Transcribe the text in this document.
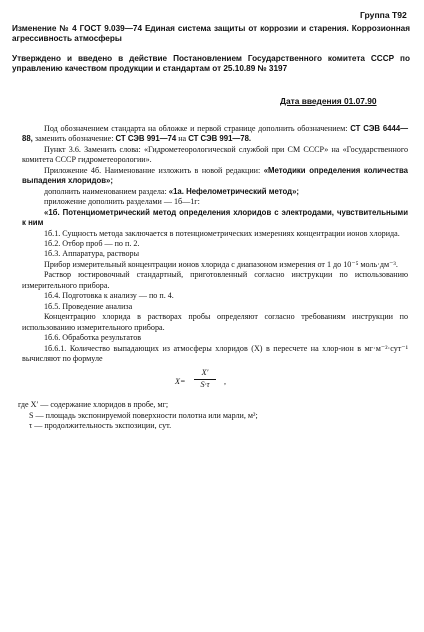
Группа Т92
Изменение № 4 ГОСТ 9.039—74 Единая система защиты от коррозии и старения. Коррозионная агрессивность атмосферы
Утверждено и введено в действие Постановлением Государственного комитета СССР по управлению качеством продукции и стандартам от 25.10.89 № 3197
Дата введения 01.07.90

Под обозначением стандарта на обложке и первой странице дополнить обозначением: СТ СЭВ 6444—88, заменить обозначение: СТ СЭВ 991—74 на СТ СЭВ 991—78.

Пункт 3.6. Заменить слова: «Гидрометеорологической службой при СМ СССР» на «Государственного комитета СССР гидрометеорологии».

Приложение 4б. Наименование изложить в новой редакции: «Методики определения количества выпадения хлоридов»;

дополнить наименованием раздела: «1а. Нефелометрический метод»;

приложение дополнить разделами — 1б—1г:

«1б. Потенциометрический метод определения хлоридов с электродами, чувствительными к ним

1б.1. Сущность метода заключается в потенциометрических измерениях концентрации ионов хлорида.

1б.2. Отбор проб — по п. 2.

1б.3. Аппаратура, растворы

Прибор измерительный концентрации ионов хлорида с диапазоном измерения от 1 до 10⁻⁵ моль·дм⁻³.

Раствор юстировочный стандартный, приготовленный согласно инструкции по использованию измерительного прибора.

1б.4. Подготовка к анализу — по п. 4.

1б.5. Проведение анализа

Концентрацию хлорида в растворах пробы определяют согласно требованиям инструкции по использованию измерительного прибора.

1б.6. Обработка результатов

1б.6.1. Количество выпадающих из атмосферы хлоридов (X) в пересчете на хлор-ион в мг·м⁻²·сут⁻¹ вычисляют по формуле

$X= \frac{X'}{S\cdot\tau}$ ,

где X′ — содержание хлоридов в пробе, мг;

S — площадь экспонируемой поверхности полотна или марли, м²;

τ — продолжительность экспозиции, сут.
